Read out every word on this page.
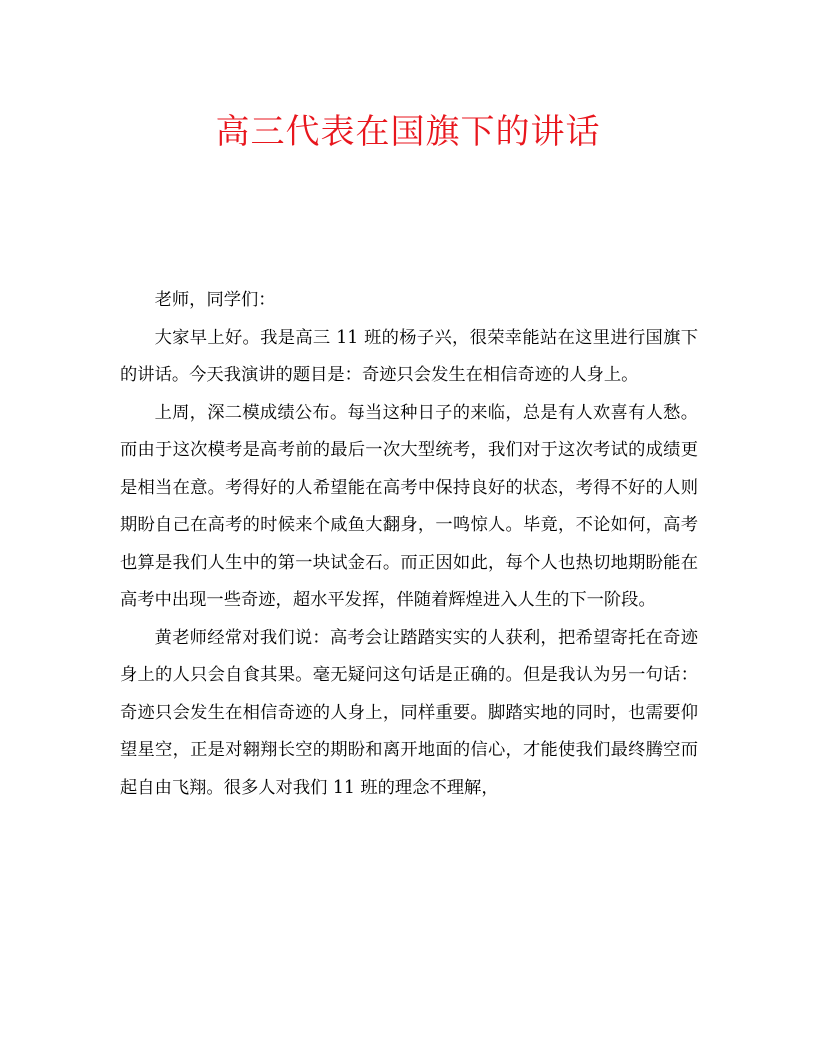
高三代表在国旗下的讲话

老师，同学们：

大家早上好。我是高三 11 班的杨子兴，很荣幸能站在这里进行国旗下的讲话。今天我演讲的题目是：奇迹只会发生在相信奇迹的人身上。

上周，深二模成绩公布。每当这种日子的来临，总是有人欢喜有人愁。而由于这次模考是高考前的最后一次大型统考，我们对于这次考试的成绩更是相当在意。考得好的人希望能在高考中保持良好的状态，考得不好的人则期盼自己在高考的时候来个咸鱼大翻身，一鸣惊人。毕竟，不论如何，高考也算是我们人生中的第一块试金石。而正因如此，每个人也热切地期盼能在高考中出现一些奇迹，超水平发挥，伴随着辉煌进入人生的下一阶段。

黄老师经常对我们说：高考会让踏踏实实的人获利，把希望寄托在奇迹身上的人只会自食其果。毫无疑问这句话是正确的。但是我认为另一句话：奇迹只会发生在相信奇迹的人身上，同样重要。脚踏实地的同时，也需要仰望星空，正是对翱翔长空的期盼和离开地面的信心，才能使我们最终腾空而起自由飞翔。很多人对我们 11 班的理念不理解，
